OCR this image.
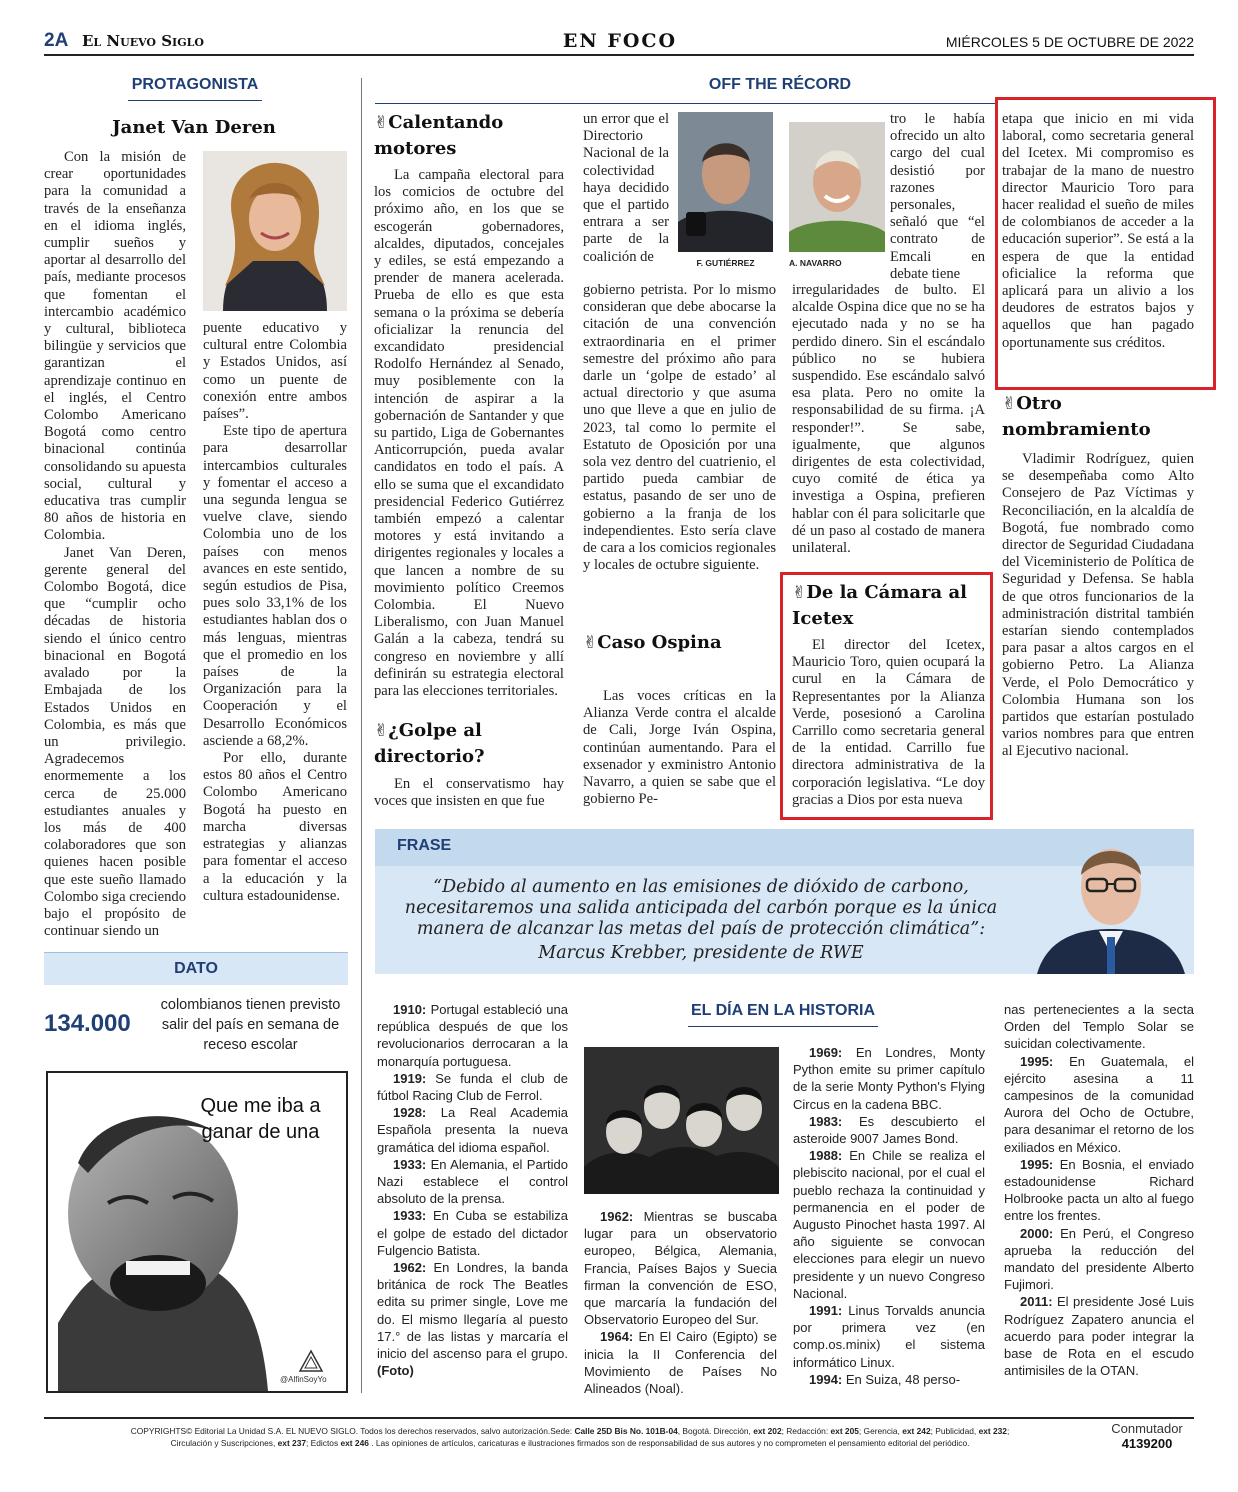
2A El Nuevo Siglo	EN FOCO	MIÉRCOLES 5 DE OCTUBRE DE 2022
PROTAGONISTA
Janet Van Deren

Con la misión de crear oportunidades para la comunidad a través de la enseñanza en el idioma inglés, cumplir sueños y aportar al desarrollo del país, mediante procesos que fomentan el intercambio académico y cultural, biblioteca bilingüe y servicios que garantizan el aprendizaje continuo en el inglés, el Centro Colombo Americano Bogotá como centro binacional continúa consolidando su apuesta social, cultural y educativa tras cumplir 80 años de historia en Colombia.

Janet Van Deren, gerente general del Colombo Bogotá, dice que “cumplir ocho décadas de historia siendo el único centro binacional en Bogotá avalado por la Embajada de los Estados Unidos en Colombia, es más que un privilegio. Agradecemos enormemente a los cerca de 25.000 estudiantes anuales y los más de 400 colaboradores que son quienes hacen posible que este sueño llamado Colombo siga creciendo bajo el propósito de continuar siendo un

puente educativo y cultural entre Colombia y Estados Unidos, así como un puente de conexión entre ambos países”.

Este tipo de apertura para desarrollar intercambios culturales y fomentar el acceso a una segunda lengua se vuelve clave, siendo Colombia uno de los países con menos avances en este sentido, según estudios de Pisa, pues solo 33,1% de los estudiantes hablan dos o más lenguas, mientras que el promedio en los países de la Organización para la Cooperación y el Desarrollo Económicos asciende a 68,2%.

Por ello, durante estos 80 años el Centro Colombo Americano Bogotá ha puesto en marcha diversas estrategias y alianzas para fomentar el acceso a la educación y la cultura estadounidense.

DATO
134.000
colombianos tienen previsto salir del país en semana de receso escolar
Que me iba a ganar de una
@AlfinSoyYo
OFF THE RÉCORD
✌Calentando motores

La campaña electoral para los comicios de octubre del próximo año, en los que se escogerán gobernadores, alcaldes, diputados, concejales y ediles, se está empezando a prender de manera acelerada. Prueba de ello es que esta semana o la próxima se debería oficializar la renuncia del excandidato presidencial Rodolfo Hernández al Senado, muy posiblemente con la intención de aspirar a la gobernación de Santander y que su partido, Liga de Gobernantes Anticorrupción, pueda avalar candidatos en todo el país. A ello se suma que el excandidato presidencial Federico Gutiérrez también empezó a calentar motores y está invitando a dirigentes regionales y locales a que lancen a nombre de su movimiento político Creemos Colombia. El Nuevo Liberalismo, con Juan Manuel Galán a la cabeza, tendrá su congreso en noviembre y allí definirán su estrategia electoral para las elecciones territoriales.

✌¿Golpe al directorio?

En el conservatismo hay voces que insisten en que fue

un error que el Directorio Nacional de la colectividad haya decidido que el partido entrara a ser parte de la coalición de	F. GUTIÉRREZ

gobierno petrista. Por lo mismo consideran que debe abocarse la citación de una convención extraordinaria en el primer semestre del próximo año para darle un ‘golpe de estado’ al actual directorio y que asuma uno que lleve a que en julio de 2023, tal como lo permite el Estatuto de Oposición por una sola vez dentro del cuatrienio, el partido pueda cambiar de estatus, pasando de ser uno de gobierno a la franja de los independientes. Esto sería clave de cara a los comicios regionales y locales de octubre siguiente.

✌Caso Ospina

Las voces críticas en la Alianza Verde contra el alcalde de Cali, Jorge Iván Ospina, continúan aumentando. Para el exsenador y exministro Antonio Navarro, a quien se sabe que el gobierno Pe-

A. NAVARRO

tro le había ofrecido un alto cargo del cual desistió por razones personales, señaló que “el contrato de Emcali en debate tiene

irregularidades de bulto. El alcalde Ospina dice que no se ha ejecutado nada y no se ha perdido dinero. Sin el escándalo público no se hubiera suspendido. Ese escándalo salvó esa plata. Pero no omite la responsabilidad de su firma. ¡A responder!”. Se sabe, igualmente, que algunos dirigentes de esta colectividad, cuyo comité de ética ya investiga a Ospina, prefieren hablar con él para solicitarle que dé un paso al costado de manera unilateral.

✌De la Cámara al Icetex

El director del Icetex, Mauricio Toro, quien ocupará la curul en la Cámara de Representantes por la Alianza Verde, posesionó a Carolina Carrillo como secretaria general de la entidad. Carrillo fue directora administrativa de la corporación legislativa. “Le doy gracias a Dios por esta nueva

etapa que inicio en mi vida laboral, como secretaria general del Icetex. Mi compromiso es trabajar de la mano de nuestro director Mauricio Toro para hacer realidad el sueño de miles de colombianos de acceder a la educación superior”. Se está a la espera de que la entidad oficialice la reforma que aplicará para un alivio a los deudores de estratos bajos y aquellos que han pagado oportunamente sus créditos.

✌Otro nombramiento

Vladimir Rodríguez, quien se desempeñaba como Alto Consejero de Paz Víctimas y Reconciliación, en la alcaldía de Bogotá, fue nombrado como director de Seguridad Ciudadana del Viceministerio de Política de Seguridad y Defensa. Se habla de que otros funcionarios de la administración distrital también estarían siendo contemplados para pasar a altos cargos en el gobierno Petro. La Alianza Verde, el Polo Democrático y Colombia Humana son los partidos que estarían postulado varios nombres para que entren al Ejecutivo nacional.

FRASE
“Debido al aumento en las emisiones de dióxido de carbono, necesitaremos una salida anticipada del carbón porque es la única manera de alcanzar las metas del país de protección climática”:
Marcus Krebber, presidente de RWE
EL DÍA EN LA HISTORIA

1910: Portugal estableció una república después de que los revolucionarios derrocaran a la monarquía portuguesa.

1919: Se funda el club de fútbol Racing Club de Ferrol.

1928: La Real Academia Española presenta la nueva gramática del idioma español.

1933: En Alemania, el Partido Nazi establece el control absoluto de la prensa.

1933: En Cuba se estabiliza el golpe de estado del dictador Fulgencio Batista.

1962: En Londres, la banda británica de rock The Beatles edita su primer single, Love me do. El mismo llegaría al puesto 17.° de las listas y marcaría el inicio del ascenso para el grupo. (Foto)

1962: Mientras se buscaba lugar para un observatorio europeo, Bélgica, Alemania, Francia, Países Bajos y Suecia firman la convención de ESO, que marcaría la fundación del Observatorio Europeo del Sur.

1964: En El Cairo (Egipto) se inicia la II Conferencia del Movimiento de Países No Alineados (Noal).

1969: En Londres, Monty Python emite su primer capítulo de la serie Monty Python's Flying Circus en la cadena BBC.

1983: Es descubierto el asteroide 9007 James Bond.

1988: En Chile se realiza el plebiscito nacional, por el cual el pueblo rechaza la continuidad y permanencia en el poder de Augusto Pinochet hasta 1997. Al año siguiente se convocan elecciones para elegir un nuevo presidente y un nuevo Congreso Nacional.

1991: Linus Torvalds anuncia por primera vez (en comp.os.minix) el sistema informático Linux.

1994: En Suiza, 48 perso-

nas pertenecientes a la secta Orden del Templo Solar se suicidan colectivamente.

1995: En Guatemala, el ejército asesina a 11 campesinos de la comunidad Aurora del Ocho de Octubre, para desanimar el retorno de los exiliados en México.

1995: En Bosnia, el enviado estadounidense Richard Holbrooke pacta un alto al fuego entre los frentes.

2000: En Perú, el Congreso aprueba la reducción del mandato del presidente Alberto Fujimori.

2011: El presidente José Luis Rodríguez Zapatero anuncia el acuerdo para poder integrar la base de Rota en el escudo antimisiles de la OTAN.

COPYRIGHTS© Editorial La Unidad S.A. EL NUEVO SIGLO. Todos los derechos reservados, salvo autorización.Sede: Calle 25D Bis No. 101B-04, Bogotá. Dirección, ext 202; Redacción: ext 205; Gerencia, ext 242; Publicidad, ext 232;
Circulación y Suscripciones, ext 237; Edictos ext 246 . Las opiniones de artículos, caricaturas e ilustraciones firmados son de responsabilidad de sus autores y no comprometen el pensamiento editorial del periódico.
Conmutador
4139200
